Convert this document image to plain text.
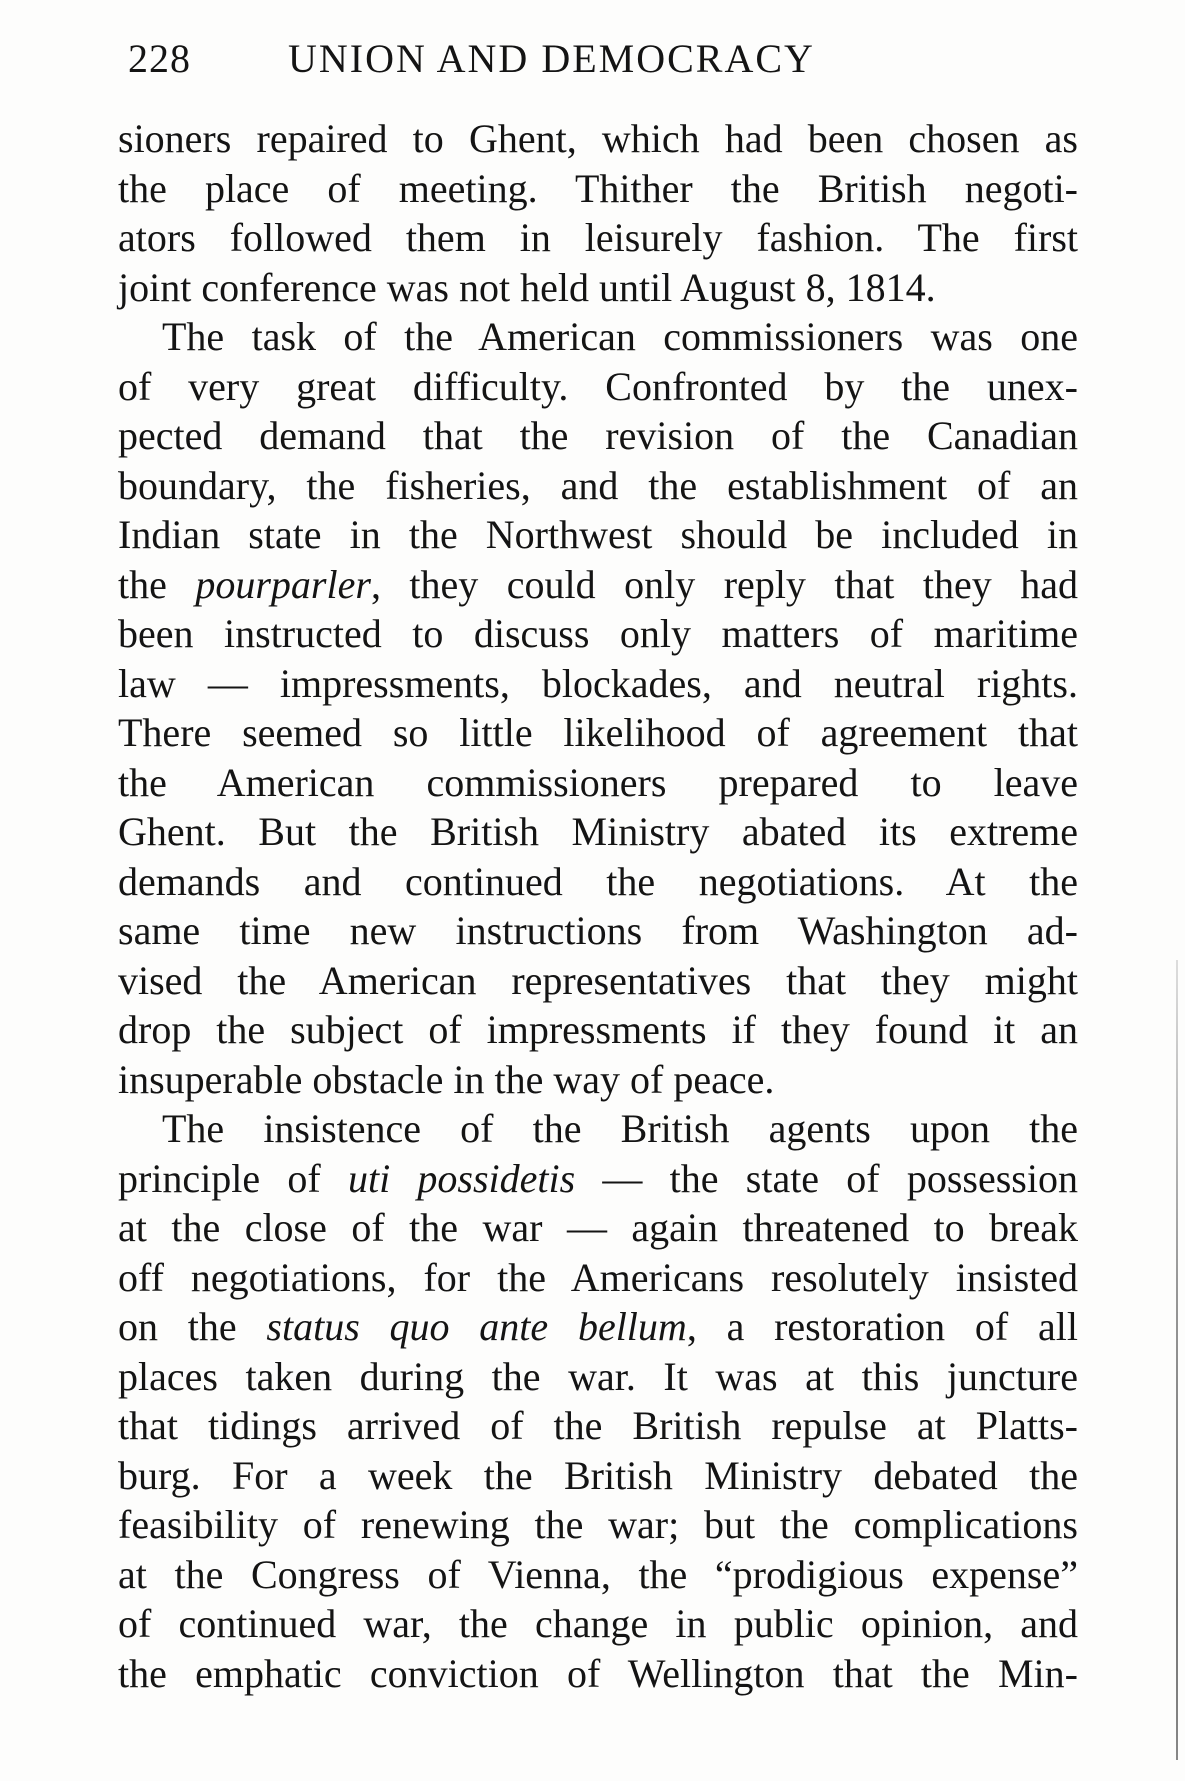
228 UNION AND DEMOCRACY
sioners repaired to Ghent, which had been chosen as
the place of meeting. Thither the British negoti-
ators followed them in leisurely fashion. The first
joint conference was not held until August 8, 1814.
The task of the American commissioners was one
of very great difficulty. Confronted by the unex-
pected demand that the revision of the Canadian
boundary, the fisheries, and the establishment of an
Indian state in the Northwest should be included in
the pourparler, they could only reply that they had
been instructed to discuss only matters of maritime
law — impressments, blockades, and neutral rights.
There seemed so little likelihood of agreement that
the American commissioners prepared to leave
Ghent. But the British Ministry abated its extreme
demands and continued the negotiations. At the
same time new instructions from Washington ad-
vised the American representatives that they might
drop the subject of impressments if they found it an
insuperable obstacle in the way of peace.
The insistence of the British agents upon the
principle of uti possidetis — the state of possession
at the close of the war — again threatened to break
off negotiations, for the Americans resolutely insisted
on the status quo ante bellum, a restoration of all
places taken during the war. It was at this juncture
that tidings arrived of the British repulse at Platts-
burg. For a week the British Ministry debated the
feasibility of renewing the war; but the complications
at the Congress of Vienna, the “prodigious expense”
of continued war, the change in public opinion, and
the emphatic conviction of Wellington that the Min-
